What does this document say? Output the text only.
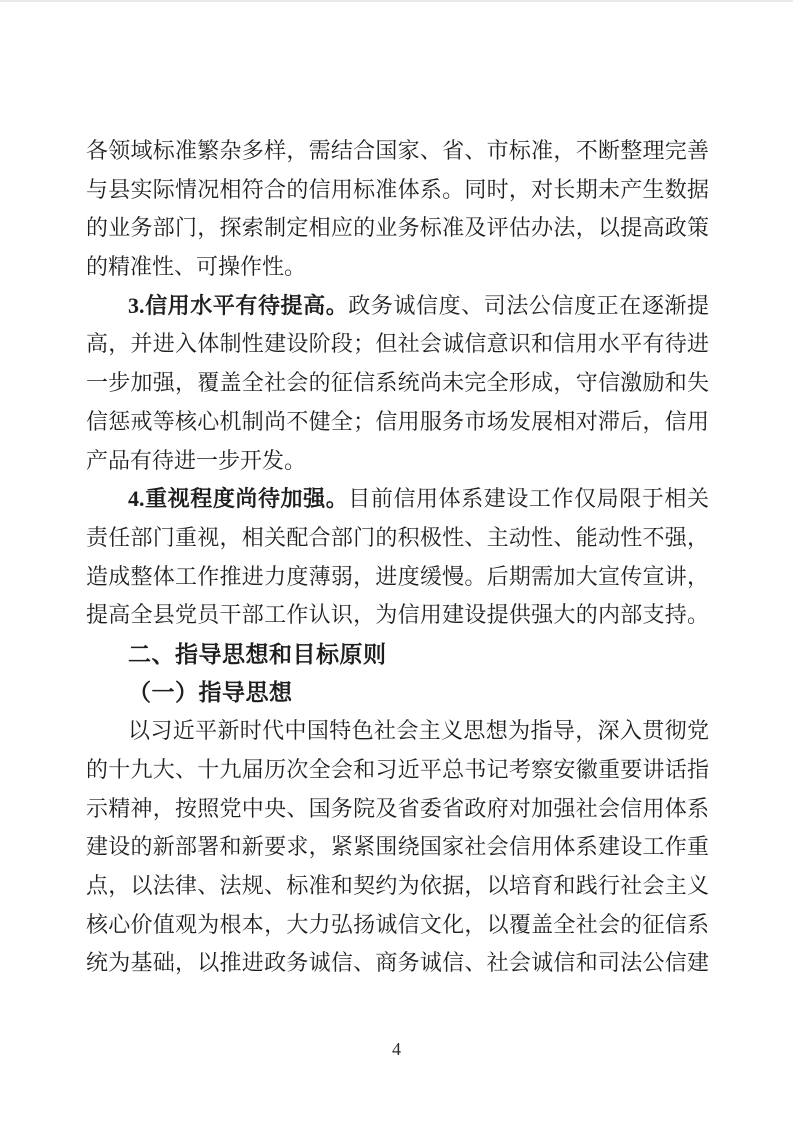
各领域标准繁杂多样，需结合国家、省、市标准，不断整理完善
与县实际情况相符合的信用标准体系。同时，对长期未产生数据
的业务部门，探索制定相应的业务标准及评估办法，以提高政策
的精准性、可操作性。
3.信用水平有待提高。政务诚信度、司法公信度正在逐渐提
高，并进入体制性建设阶段；但社会诚信意识和信用水平有待进
一步加强，覆盖全社会的征信系统尚未完全形成，守信激励和失
信惩戒等核心机制尚不健全；信用服务市场发展相对滞后，信用
产品有待进一步开发。
4.重视程度尚待加强。目前信用体系建设工作仅局限于相关
责任部门重视，相关配合部门的积极性、主动性、能动性不强，
造成整体工作推进力度薄弱，进度缓慢。后期需加大宣传宣讲，
提高全县党员干部工作认识，为信用建设提供强大的内部支持。
二、指导思想和目标原则
（一）指导思想
以习近平新时代中国特色社会主义思想为指导，深入贯彻党
的十九大、十九届历次全会和习近平总书记考察安徽重要讲话指
示精神，按照党中央、国务院及省委省政府对加强社会信用体系
建设的新部署和新要求，紧紧围绕国家社会信用体系建设工作重
点，以法律、法规、标准和契约为依据，以培育和践行社会主义
核心价值观为根本，大力弘扬诚信文化，以覆盖全社会的征信系
统为基础，以推进政务诚信、商务诚信、社会诚信和司法公信建
4
